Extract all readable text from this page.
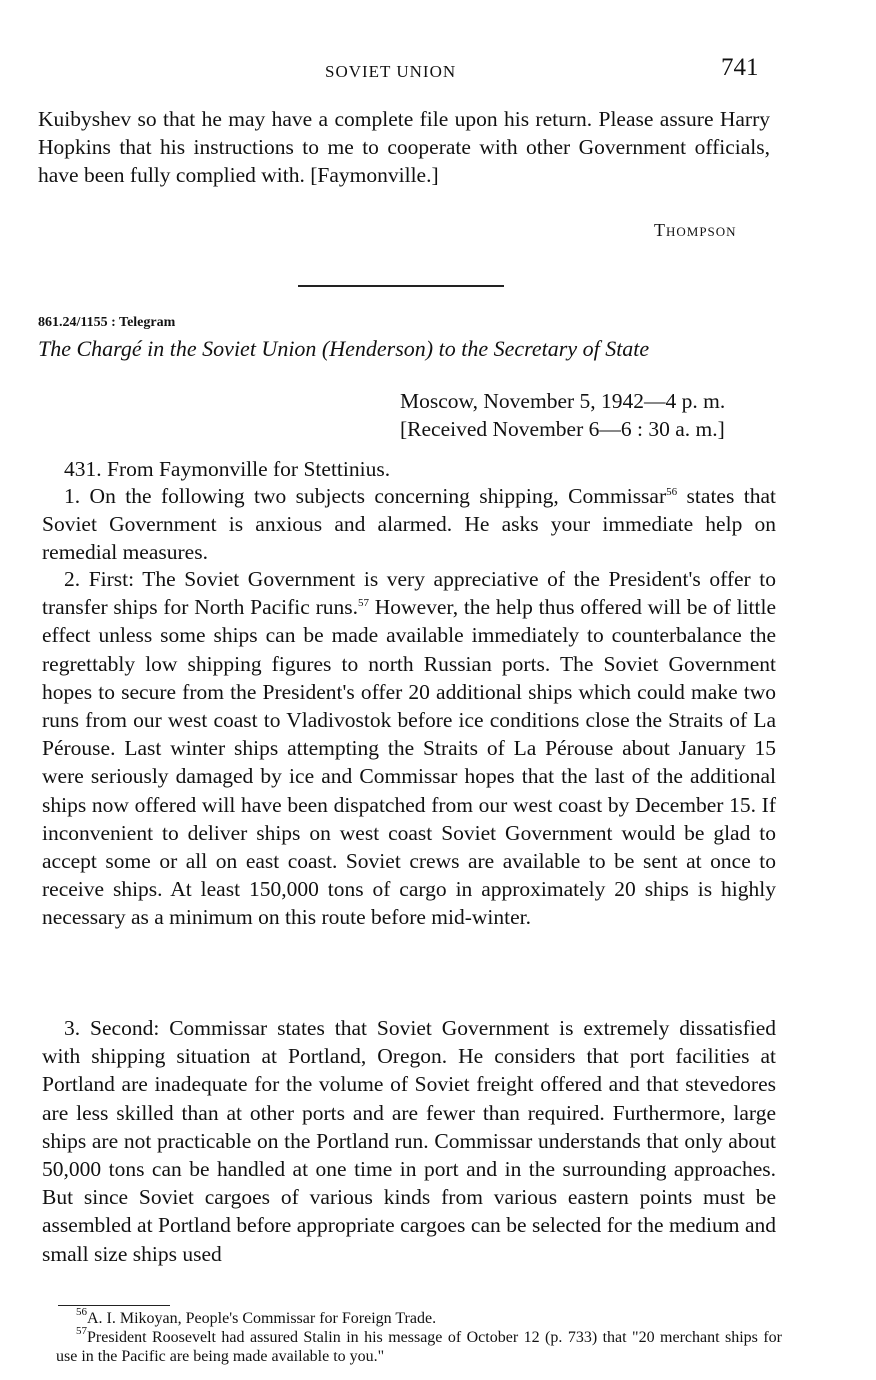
SOVIET UNION	741

Kuibyshev so that he may have a complete file upon his return. Please assure Harry Hopkins that his instructions to me to cooperate with other Government officials, have been fully complied with. [Faymonville.]

Thompson
861.24/1155 : Telegram
The Chargé in the Soviet Union (Henderson) to the Secretary of State
Moscow, November 5, 1942—4 p. m.
[Received November 6—6 : 30 a. m.]

431. From Faymonville for Stettinius.

1. On the following two subjects concerning shipping, Commissar$^{56}$ states that Soviet Government is anxious and alarmed. He asks your immediate help on remedial measures.

2. First: The Soviet Government is very appreciative of the President's offer to transfer ships for North Pacific runs.$^{57}$ However, the help thus offered will be of little effect unless some ships can be made available immediately to counterbalance the regrettably low shipping figures to north Russian ports. The Soviet Government hopes to secure from the President's offer 20 additional ships which could make two runs from our west coast to Vladivostok before ice conditions close the Straits of La Pérouse. Last winter ships attempting the Straits of La Pérouse about January 15 were seriously damaged by ice and Commissar hopes that the last of the additional ships now offered will have been dispatched from our west coast by December 15. If inconvenient to deliver ships on west coast Soviet Government would be glad to accept some or all on east coast. Soviet crews are available to be sent at once to receive ships. At least 150,000 tons of cargo in approximately 20 ships is highly necessary as a minimum on this route before mid-winter.

3. Second: Commissar states that Soviet Government is extremely dissatisfied with shipping situation at Portland, Oregon. He considers that port facilities at Portland are inadequate for the volume of Soviet freight offered and that stevedores are less skilled than at other ports and are fewer than required. Furthermore, large ships are not practicable on the Portland run. Commissar understands that only about 50,000 tons can be handled at one time in port and in the surrounding approaches. But since Soviet cargoes of various kinds from various eastern points must be assembled at Portland before appropriate cargoes can be selected for the medium and small size ships used

$^{56}$A. I. Mikoyan, People's Commissar for Foreign Trade.

$^{57}$President Roosevelt had assured Stalin in his message of October 12 (p. 733) that "20 merchant ships for use in the Pacific are being made available to you."
